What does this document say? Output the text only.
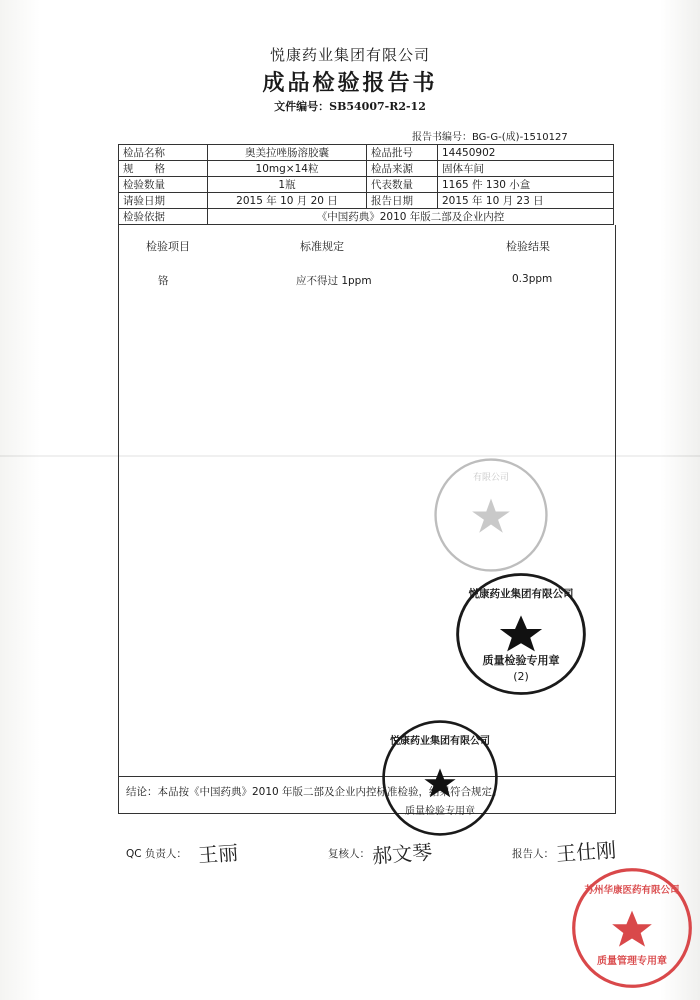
悦康药业集团有限公司
成品检验报告书
文件编号：SB54007-R2-12
报告书编号：BG-G-(成)-1510127
检品名称	奥美拉唑肠溶胶囊	检品批号	14450902
规　　格	10mg×14粒	检品来源	固体车间
检验数量	1瓶	代表数量	1165 件 130 小盒
请验日期	2015 年 10 月 20 日	报告日期	2015 年 10 月 23 日
检验依据	《中国药典》2010 年版二部及企业内控		
检验项目	标准规定	检验结果
铬	应不得过 1ppm	0.3ppm
结论：本品按《中国药典》2010 年版二部及企业内控标准检验，结果符合规定。
QC 负责人： 王丽	复核人： 郝文琴	报告人： 王仕刚
有限公司
悦康药业集团有限公司
质量检验专用章
(2)
悦康药业集团有限公司
质量检验专用章
苏州华康医药有限公司
质量管理专用章
